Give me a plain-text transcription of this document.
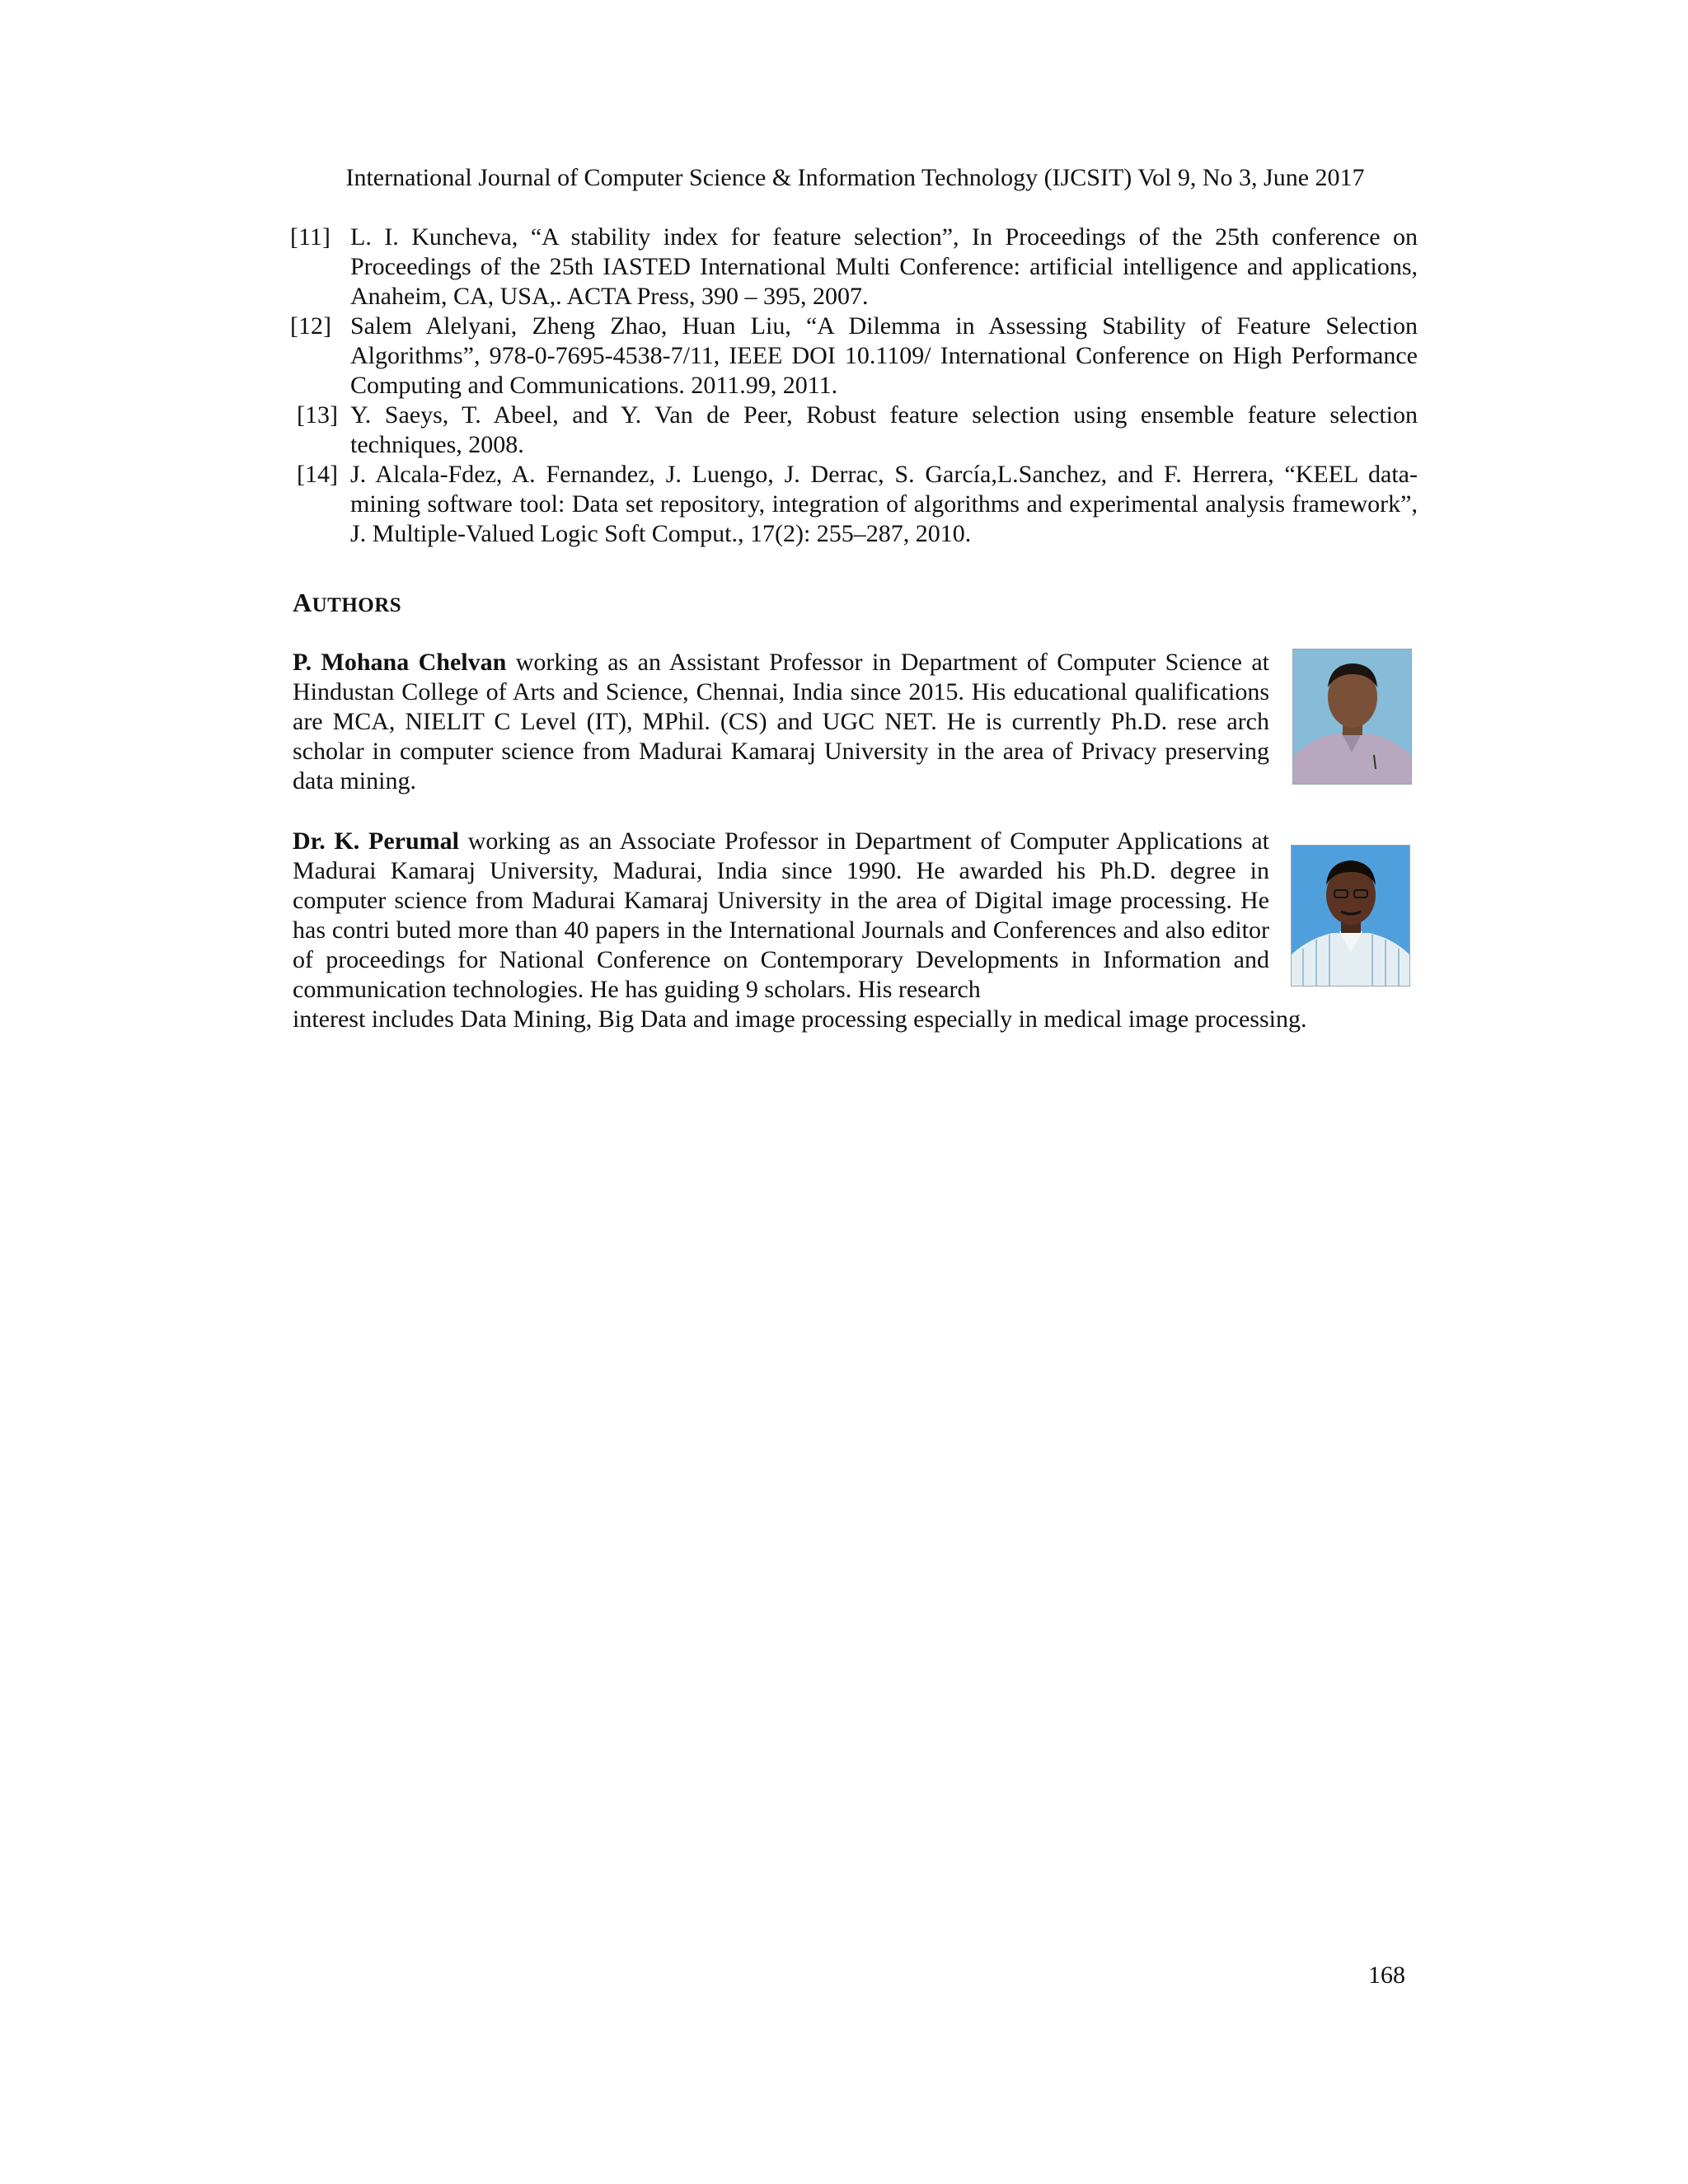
International Journal of Computer Science & Information Technology (IJCSIT) Vol 9, No 3, June 2017
[11] L. I. Kuncheva, “A stability index for feature selection”, In Proceedings of the 25th conference on Proceedings of the 25th IASTED International Multi Conference: artificial intelligence and applications, Anaheim, CA, USA,. ACTA Press, 390 – 395, 2007.
[12] Salem Alelyani, Zheng Zhao, Huan Liu, “A Dilemma in Assessing Stability of Feature Selection Algorithms”, 978-0-7695-4538-7/11, IEEE DOI 10.1109/ International Conference on High Performance Computing and Communications. 2011.99, 2011.
[13] Y. Saeys, T. Abeel, and Y. Van de Peer, Robust feature selection using ensemble feature selection techniques, 2008.
[14] J. Alcala-Fdez, A. Fernandez, J. Luengo, J. Derrac, S. García,L.Sanchez, and F. Herrera, “KEEL data-mining software tool: Data set repository, integration of algorithms and experimental analysis framework”, J. Multiple-Valued Logic Soft Comput., 17(2): 255–287, 2010.
AUTHORS
P. Mohana Chelvan working as an Assistant Professor in Department of Computer Science at Hindustan College of Arts and Science, Chennai, India since 2015. His educational qualifications are MCA, NIELIT C Level (IT), MPhil. (CS) and UGC NET. He is currently Ph.D. rese arch scholar in computer science from Madurai Kamaraj University in the area of Privacy preserving data mining.
Dr. K. Perumal working as an Associate Professor in Department of Computer Applications at Madurai Kamaraj University, Madurai, India since 1990. He awarded his Ph.D. degree in computer science from Madurai Kamaraj University in the area of Digital image processing. He has contri buted more than 40 papers in the International Journals and Conferences and also editor of proceedings for National Conference on Contemporary Developments in Information and communication technologies. He has guiding 9 scholars. His research
interest includes Data Mining, Big Data and image processing especially in medical image processing.
168
